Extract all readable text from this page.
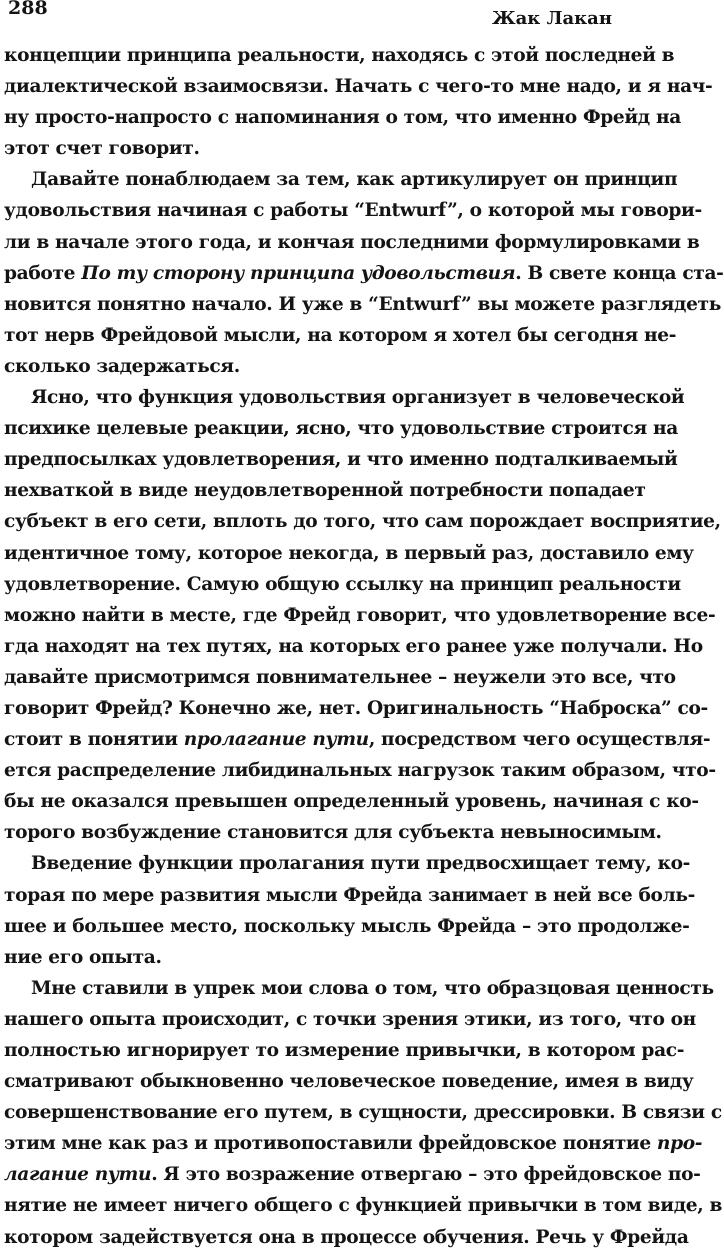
288	Жак Лакан
концепции принципа реальности, находясь с этой последней в
диалектической взаимосвязи. Начать с чего-то мне надо, и я нач-
ну просто-напросто с напоминания о том, что именно Фрейд на
этот счет говорит.
Давайте понаблюдаем за тем, как артикулирует он принцип
удовольствия начиная с работы “Entwurf”, о которой мы говори-
ли в начале этого года, и кончая последними формулировками в
работе По ту сторону принципа удовольствия. В свете конца ста-
новится понятно начало. И уже в “Entwurf” вы можете разглядеть
тот нерв Фрейдовой мысли, на котором я хотел бы сегодня не-
сколько задержаться.
Ясно, что функция удовольствия организует в человеческой
психике целевые реакции, ясно, что удовольствие строится на
предпосылках удовлетворения, и что именно подталкиваемый
нехваткой в виде неудовлетворенной потребности попадает
субъект в его сети, вплоть до того, что сам порождает восприятие,
идентичное тому, которое некогда, в первый раз, доставило ему
удовлетворение. Самую общую ссылку на принцип реальности
можно найти в месте, где Фрейд говорит, что удовлетворение все-
гда находят на тех путях, на которых его ранее уже получали. Но
давайте присмотримся повнимательнее – неужели это все, что
говорит Фрейд? Конечно же, нет. Оригинальность “Наброска” со-
стоит в понятии пролагание пути, посредством чего осуществля-
ется распределение либидинальных нагрузок таким образом, что-
бы не оказался превышен определенный уровень, начиная с ко-
торого возбуждение становится для субъекта невыносимым.
Введение функции пролагания пути предвосхищает тему, ко-
торая по мере развития мысли Фрейда занимает в ней все боль-
шее и большее место, поскольку мысль Фрейда – это продолже-
ние его опыта.
Мне ставили в упрек мои слова о том, что образцовая ценность
нашего опыта происходит, с точки зрения этики, из того, что он
полностью игнорирует то измерение привычки, в котором рас-
сматривают обыкновенно человеческое поведение, имея в виду
совершенствование его путем, в сущности, дрессировки. В связи с
этим мне как раз и противопоставили фрейдовское понятие про-
лагание пути. Я это возражение отвергаю – это фрейдовское по-
нятие не имеет ничего общего с функцией привычки в том виде, в
котором задействуется она в процессе обучения. Речь у Фрейда
